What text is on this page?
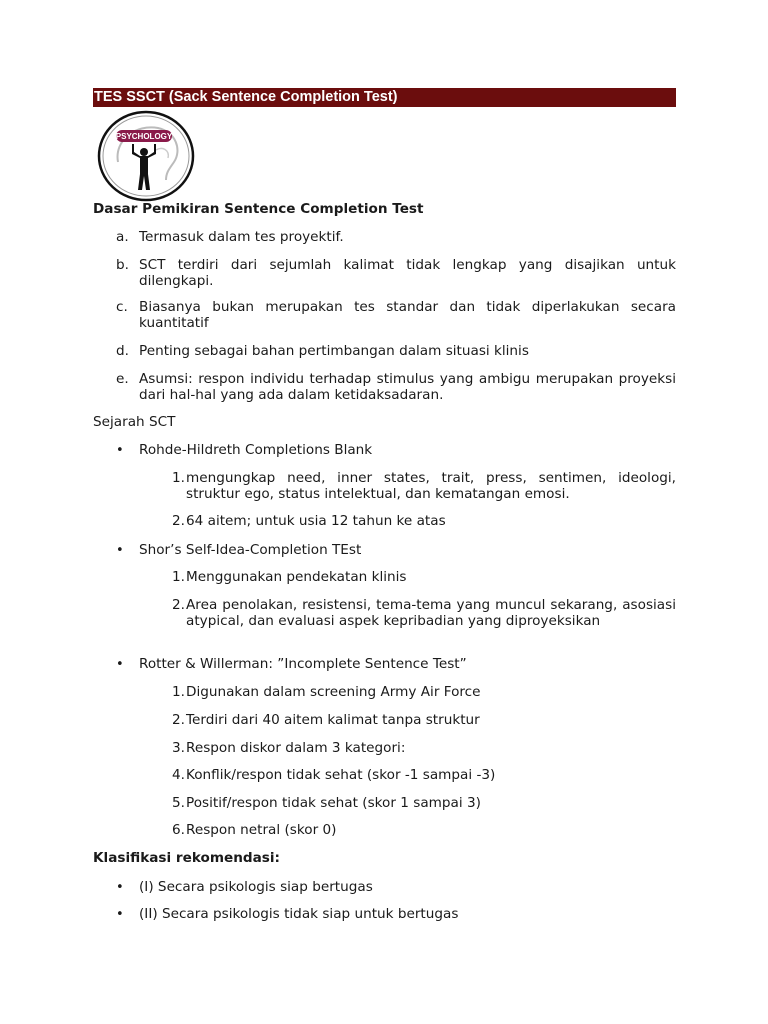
TES SSCT (Sack Sentence Completion Test)
PSYCHOLOGY
Dasar Pemikiran Sentence Completion Test
a. Termasuk dalam tes proyektif.
b. SCT terdiri dari sejumlah kalimat tidak lengkap yang disajikan untuk dilengkapi.
c. Biasanya bukan merupakan tes standar dan tidak diperlakukan secara kuantitatif
d. Penting sebagai bahan pertimbangan dalam situasi klinis
e. Asumsi: respon individu terhadap stimulus yang ambigu merupakan proyeksi dari hal-hal yang ada dalam ketidaksadaran.
Sejarah SCT
•	Rohde-Hildreth Completions Blank
1. mengungkap need, inner states, trait, press, sentimen, ideologi, struktur ego, status intelektual, dan kematangan emosi.
2. 64 aitem; untuk usia 12 tahun ke atas
•	Shor’s Self-Idea-Completion TEst
1. Menggunakan pendekatan klinis
2. Area penolakan, resistensi, tema-tema yang muncul sekarang, asosiasi atypical, dan evaluasi aspek kepribadian yang diproyeksikan
•	Rotter & Willerman: ”Incomplete Sentence Test”
1. Digunakan dalam screening Army Air Force
2. Terdiri dari 40 aitem kalimat tanpa struktur
3. Respon diskor dalam 3 kategori:
4. Konflik/respon tidak sehat (skor -1 sampai -3)
5. Positif/respon tidak sehat (skor 1 sampai 3)
6. Respon netral (skor 0)
Klasifikasi rekomendasi:
•	(I) Secara psikologis siap bertugas
•	(II) Secara psikologis tidak siap untuk bertugas
